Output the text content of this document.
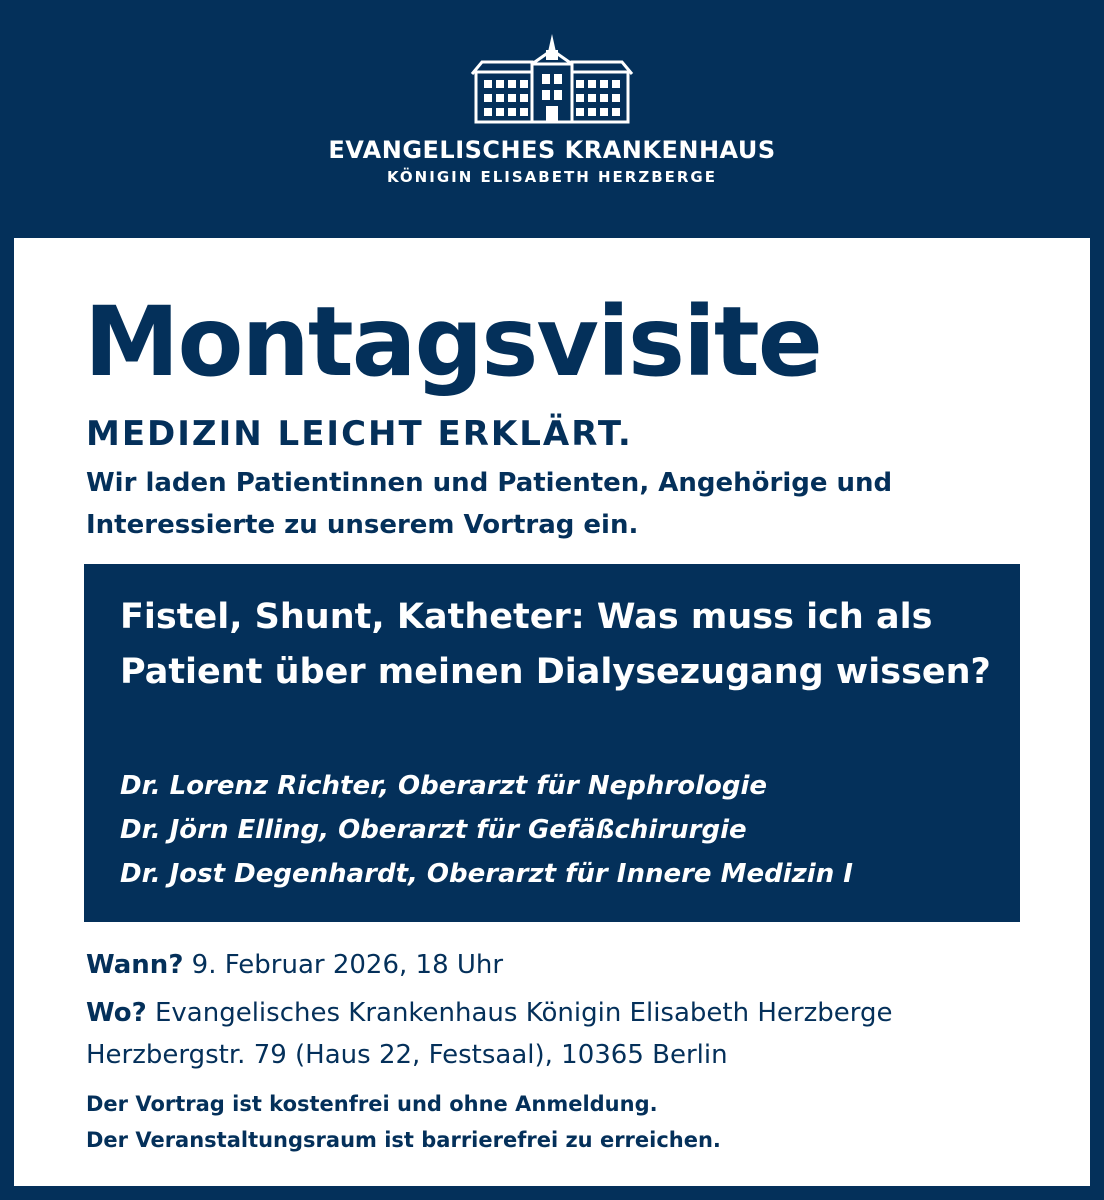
EVANGELISCHES KRANKENHAUS
KÖNIGIN ELISABETH HERZBERGE
Montagsvisite
MEDIZIN LEICHT ERKLÄRT.
Wir laden Patientinnen und Patienten, Angehörige und Interessierte zu unserem Vortrag ein.
Fistel, Shunt, Katheter: Was muss ich als Patient über meinen Dialysezugang wissen?
Dr. Lorenz Richter, Oberarzt für Nephrologie
Dr. Jörn Elling, Oberarzt für Gefäßchirurgie
Dr. Jost Degenhardt, Oberarzt für Innere Medizin I
Wann? 9. Februar 2026, 18 Uhr
Wo? Evangelisches Krankenhaus Königin Elisabeth Herzberge
Herzbergstr. 79 (Haus 22, Festsaal), 10365 Berlin
Der Vortrag ist kostenfrei und ohne Anmeldung.
Der Veranstaltungsraum ist barrierefrei zu erreichen.
